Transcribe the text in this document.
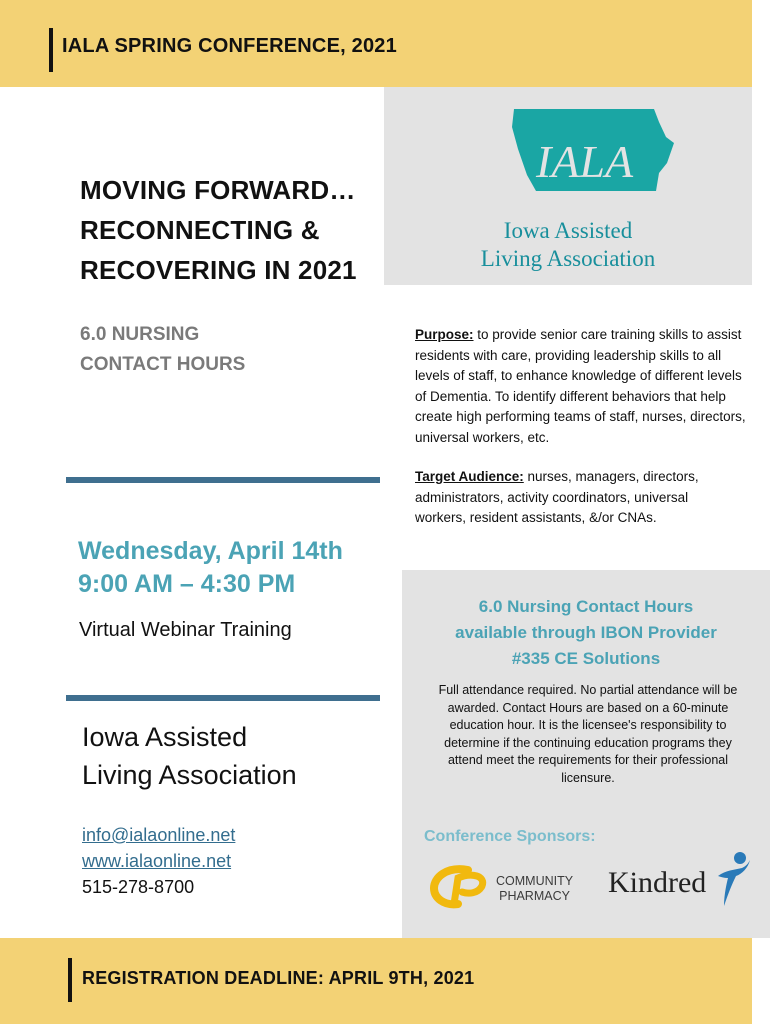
IALA SPRING CONFERENCE, 2021
IALA
Iowa Assisted
Living Association
MOVING FORWARD…
RECONNECTING &
RECOVERING IN 2021
6.0 NURSING
CONTACT HOURS
Purpose: to provide senior care training skills to assist residents with care, providing leadership skills to all levels of staff, to enhance knowledge of different levels of Dementia. To identify different behaviors that help create high performing teams of staff, nurses, directors, universal workers, etc.
Target Audience: nurses, managers, directors, administrators, activity coordinators, universal workers, resident assistants, &/or CNAs.
Wednesday, April 14th
9:00 AM – 4:30 PM
Virtual Webinar Training
Iowa Assisted
Living Association
info@ialaonline.net
www.ialaonline.net
515-278-8700
6.0 Nursing Contact Hours
available through IBON Provider
#335 CE Solutions
Full attendance required. No partial attendance will be awarded. Contact Hours are based on a 60-minute education hour. It is the licensee's responsibility to determine if the continuing education programs they attend meet the requirements for their professional licensure.
Conference Sponsors:
COMMUNITY
PHARMACY Kindred
REGISTRATION DEADLINE: APRIL 9TH, 2021
